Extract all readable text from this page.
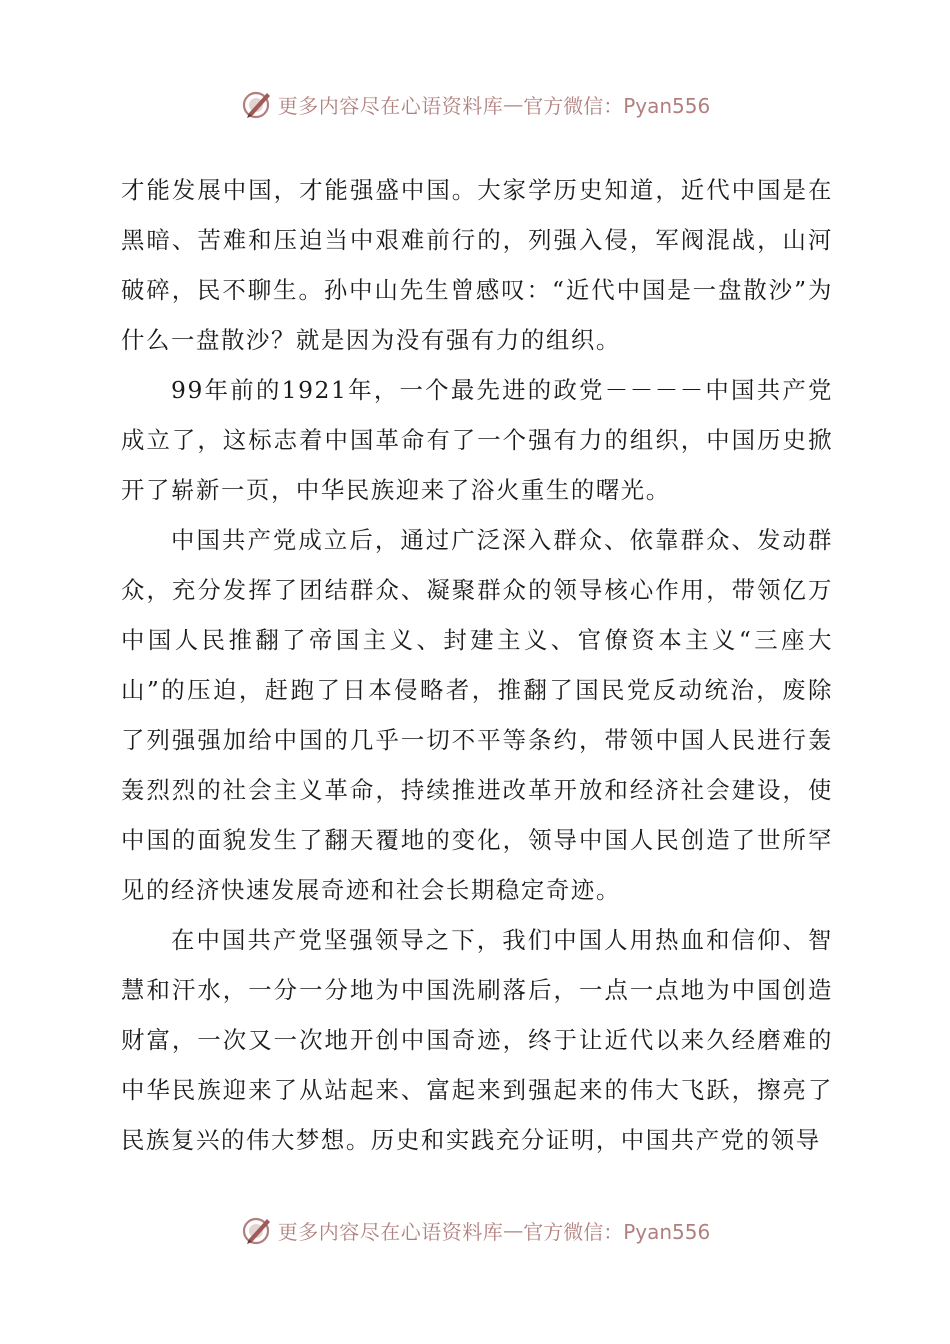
更多内容尽在心语资料库 — 官方微信：Pyan556

才能发展中国，才能强盛中国。大家学历史知道，近代中国是在黑暗、苦难和压迫当中艰难前行的，列强入侵，军阀混战，山河破碎，民不聊生。孙中山先生曾感叹：“近代中国是一盘散沙”为什么一盘散沙？就是因为没有强有力的组织。

99年前的1921年，一个最先进的政党－－－－中国共产党成立了，这标志着中国革命有了一个强有力的组织，中国历史掀开了崭新一页，中华民族迎来了浴火重生的曙光。

中国共产党成立后，通过广泛深入群众、依靠群众、发动群众，充分发挥了团结群众、凝聚群众的领导核心作用，带领亿万中国人民推翻了帝国主义、封建主义、官僚资本主义“三座大山”的压迫，赶跑了日本侵略者，推翻了国民党反动统治，废除了列强强加给中国的几乎一切不平等条约，带领中国人民进行轰轰烈烈的社会主义革命，持续推进改革开放和经济社会建设，使中国的面貌发生了翻天覆地的变化，领导中国人民创造了世所罕见的经济快速发展奇迹和社会长期稳定奇迹。

在中国共产党坚强领导之下，我们中国人用热血和信仰、智慧和汗水，一分一分地为中国洗刷落后，一点一点地为中国创造财富，一次又一次地开创中国奇迹，终于让近代以来久经磨难的中华民族迎来了从站起来、富起来到强起来的伟大飞跃，擦亮了民族复兴的伟大梦想。历史和实践充分证明，中国共产党的领导

更多内容尽在心语资料库 — 官方微信：Pyan556
